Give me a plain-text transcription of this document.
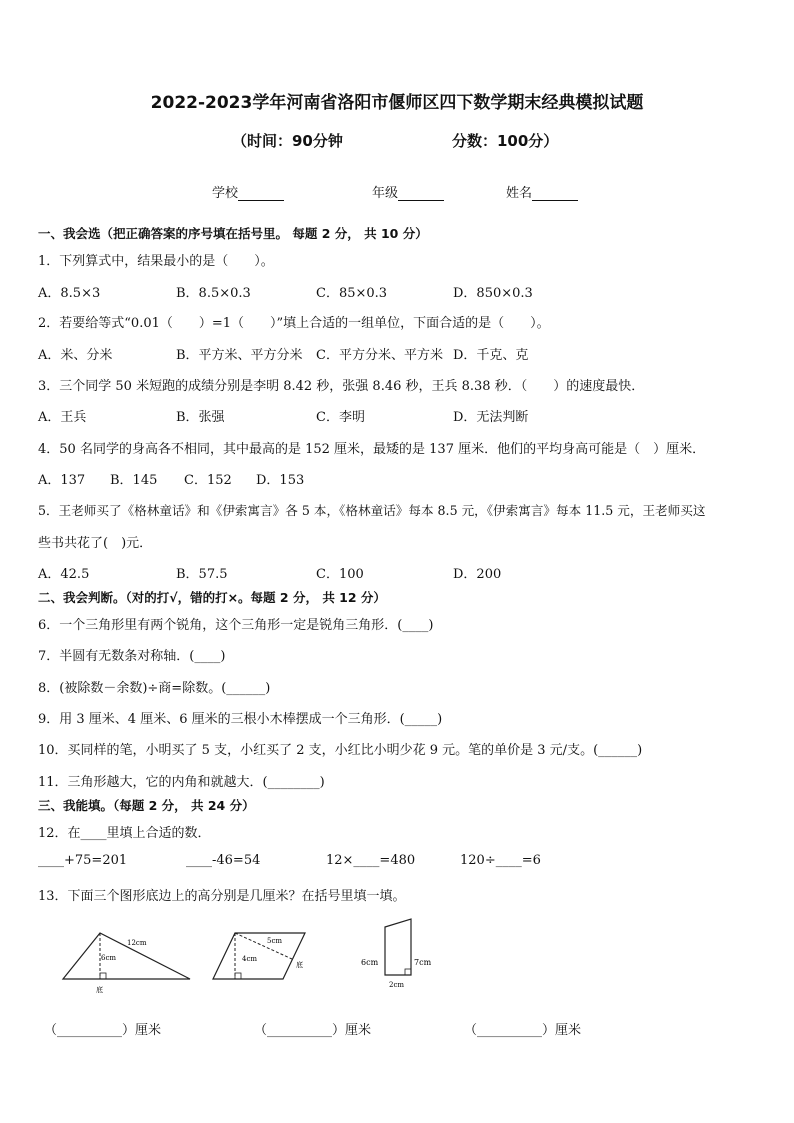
2022-2023学年河南省洛阳市偃师区四下数学期末经典模拟试题
（时间：90分钟	分数：100分）
学校	年级	姓名
一、我会选（把正确答案的序号填在括号里。 每题 2 分， 共 10 分）
1．下列算式中，结果最小的是（　　）。
A．8.5×3	B．8.5×0.3	C．85×0.3	D．850×0.3
2．若要给等式“0.01（　　）=1（　　）”填上合适的一组单位，下面合适的是（　　）。
A．米、分米	B．平方米、平方分米 C．平方分米、平方米 D．千克、克
3．三个同学 50 米短跑的成绩分别是李明 8.42 秒，张强 8.46 秒，王兵 8.38 秒．（　　）的速度最快．
A．王兵	B．张强	C．李明	D．无法判断
4．50 名同学的身高各不相同，其中最高的是 152 厘米，最矮的是 137 厘米．他们的平均身高可能是（　）厘米．
A．137 B．145 C．152 D．153
5．王老师买了《格林童话》和《伊索寓言》各 5 本，《格林童话》每本 8.5 元，《伊索寓言》每本 11.5 元，王老师买这
些书共花了(　)元．
A．42.5	B．57.5	C．100	D．200
二、我会判断。（对的打√，错的打×。每题 2 分， 共 12 分）
6．一个三角形里有两个锐角，这个三角形一定是锐角三角形．(____)
7．半圆有无数条对称轴．(____)
8．(被除数－余数)÷商=除数。(______)
9．用 3 厘米、4 厘米、6 厘米的三根小木棒摆成一个三角形．(_____)
10．买同样的笔，小明买了 5 支，小红买了 2 支，小红比小明少花 9 元。笔的单价是 3 元/支。(______)
11．三角形越大，它的内角和就越大．(________)
三、我能填。（每题 2 分， 共 24 分）
12．在____里填上合适的数．
____+75=201	____-46=54	12×____=480	120÷____=6
13．下面三个图形底边上的高分别是几厘米？在括号里填一填。
12cm
6cm
底
5cm
4cm
底	6cm	7cm
2cm
（__________）厘米	（__________）厘米	（__________）厘米
